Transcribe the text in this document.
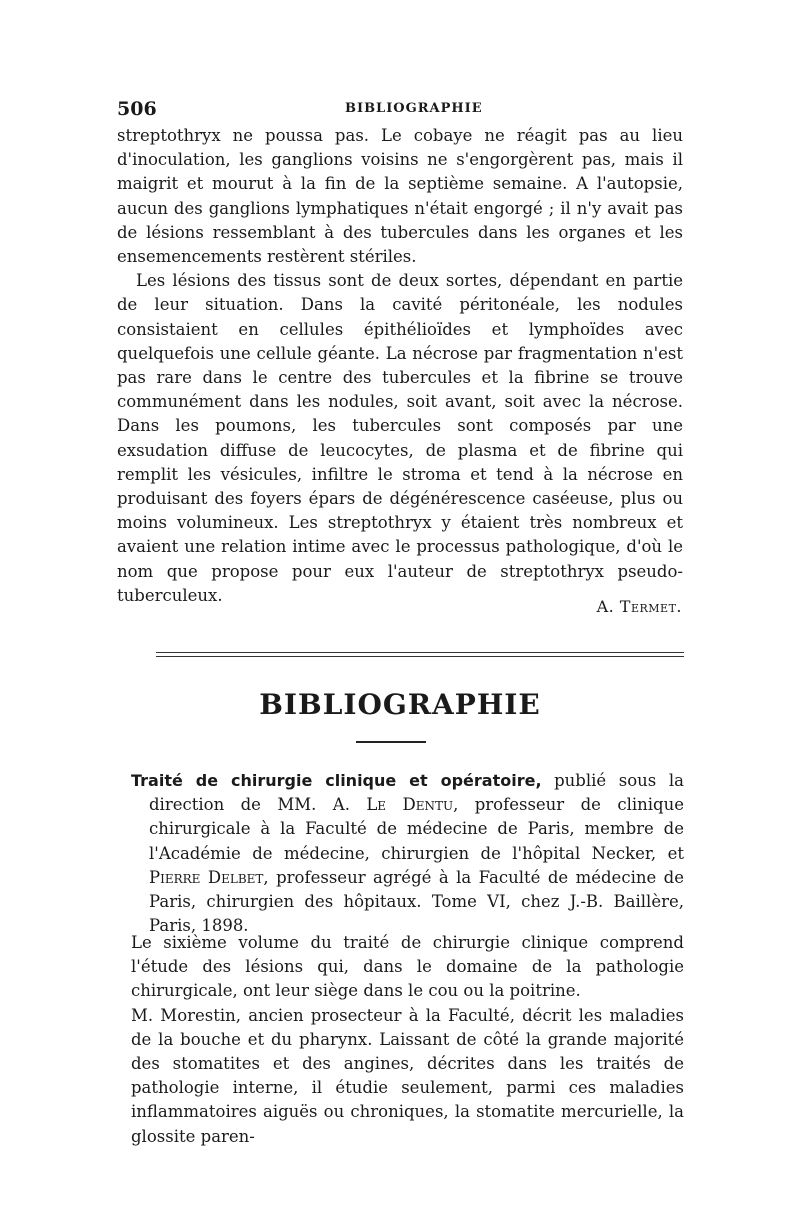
506	BIBLIOGRAPHIE

streptothryx ne poussa pas. Le cobaye ne réagit pas au lieu d'inoculation, les ganglions voisins ne s'engorgèrent pas, mais il maigrit et mourut à la fin de la septième semaine. A l'autopsie, aucun des ganglions lymphatiques n'était engorgé ; il n'y avait pas de lésions ressemblant à des tubercules dans les organes et les ensemencements restèrent stériles.

Les lésions des tissus sont de deux sortes, dépendant en partie de leur situation. Dans la cavité péritonéale, les nodules consistaient en cellules épithélioïdes et lymphoïdes avec quelquefois une cellule géante. La nécrose par fragmentation n'est pas rare dans le centre des tubercules et la fibrine se trouve communément dans les nodules, soit avant, soit avec la nécrose. Dans les poumons, les tubercules sont composés par une exsudation diffuse de leucocytes, de plasma et de fibrine qui remplit les vésicules, infiltre le stroma et tend à la nécrose en produisant des foyers épars de dégénérescence caséeuse, plus ou moins volumineux. Les streptothryx y étaient très nombreux et avaient une relation intime avec le processus pathologique, d'où le nom que propose pour eux l'auteur de streptothryx pseudo-tuberculeux.

A. Termet.
BIBLIOGRAPHIE
Traité de chirurgie clinique et opératoire, publié sous la direction de MM. A. Le Dentu, professeur de clinique chirurgicale à la Faculté de médecine de Paris, membre de l'Académie de médecine, chirurgien de l'hôpital Necker, et Pierre Delbet, professeur agrégé à la Faculté de médecine de Paris, chirurgien des hôpitaux. Tome VI, chez J.-B. Baillère, Paris, 1898.

Le sixième volume du traité de chirurgie clinique comprend l'étude des lésions qui, dans le domaine de la pathologie chirurgicale, ont leur siège dans le cou ou la poitrine.

M. Morestin, ancien prosecteur à la Faculté, décrit les maladies de la bouche et du pharynx. Laissant de côté la grande majorité des stomatites et des angines, décrites dans les traités de pathologie interne, il étudie seulement, parmi ces maladies inflammatoires aiguës ou chroniques, la stomatite mercurielle, la glossite paren-
